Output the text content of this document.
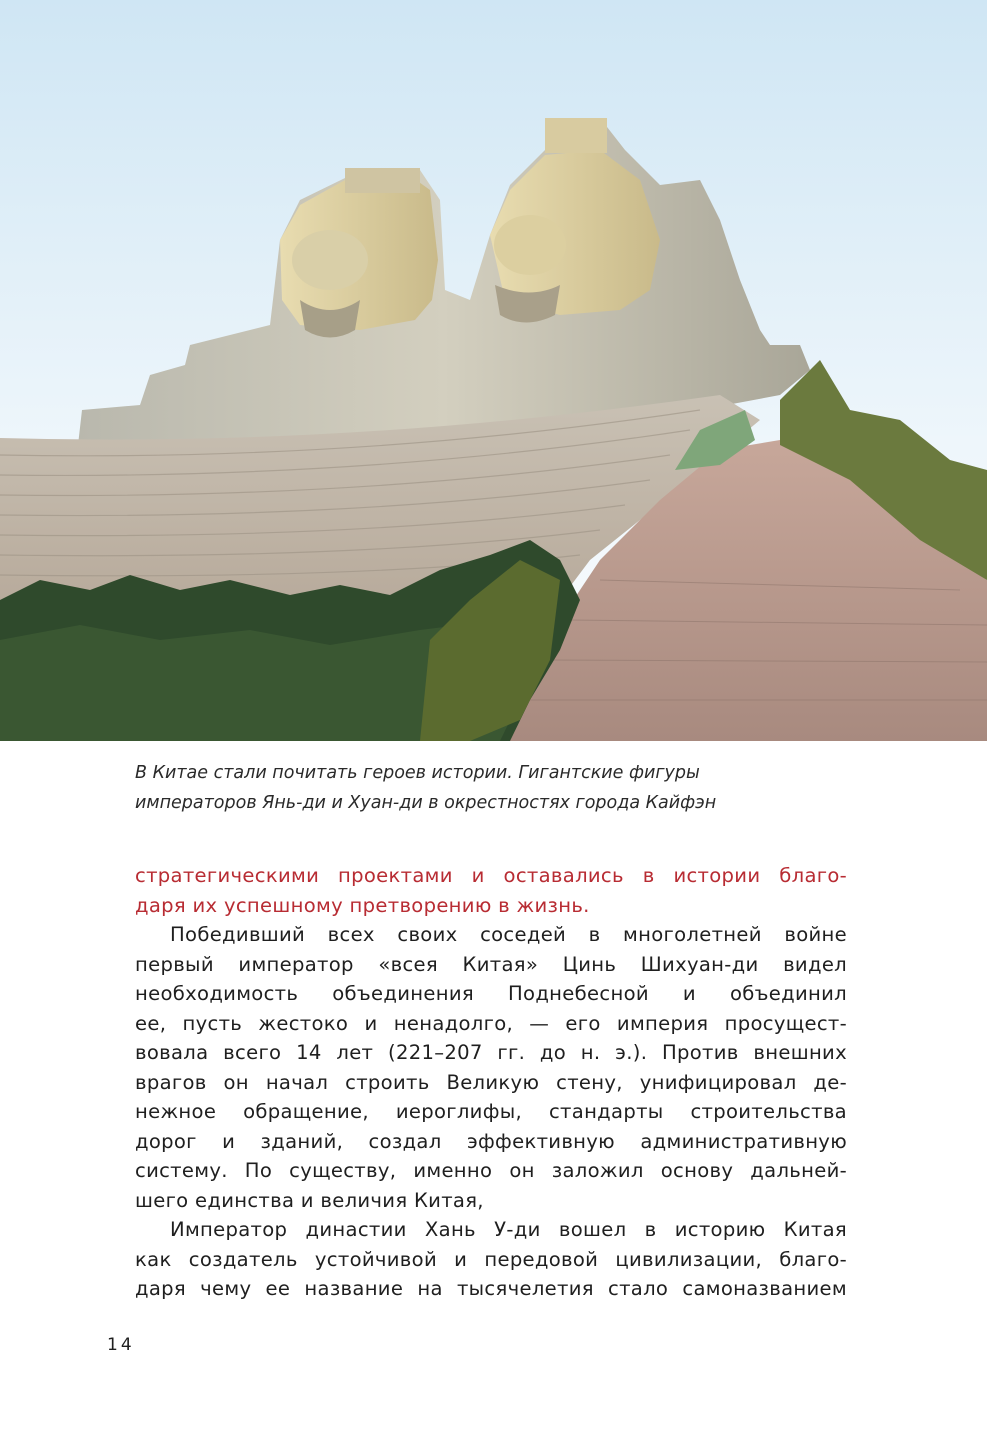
В Китае стали почитать героев истории. Гигантские фигуры
императоров Янь-ди и Хуан-ди в окрестностях города Кайфэн

стратегическими проектами и оставались в истории благо-
даря их успешному претворению в жизнь.
Победивший всех своих соседей в многолетней войне
первый император «всея Китая» Цинь Шихуан-ди видел
необходимость объединения Поднебесной и объединил
ее, пусть жестоко и ненадолго, — его империя просущест-
вовала всего 14 лет (221–207 гг. до н. э.). Против внешних
врагов он начал строить Великую стену, унифицировал де-
нежное обращение, иероглифы, стандарты строительства
дорог и зданий, создал эффективную административную
систему. По существу, именно он заложил основу дальней-
шего единства и величия Китая,
Император династии Хань У-ди вошел в историю Китая
как создатель устойчивой и передовой цивилизации, благо-
даря чему ее название на тысячелетия стало самоназванием
14
